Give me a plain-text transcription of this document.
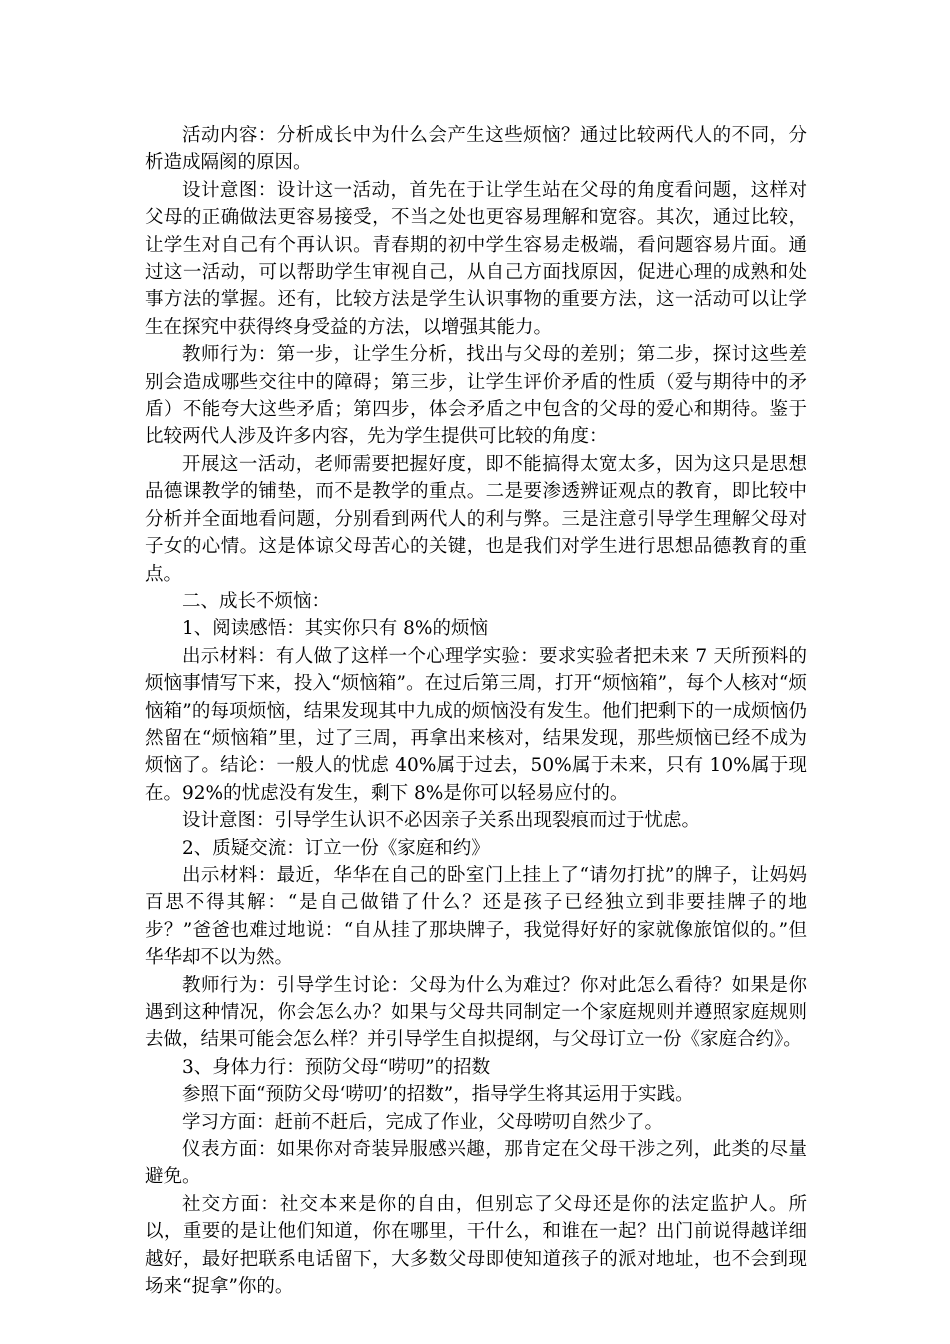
活动内容：分析成长中为什么会产生这些烦恼？通过比较两代人的不同，分析造成隔阂的原因。

设计意图：设计这一活动，首先在于让学生站在父母的角度看问题，这样对父母的正确做法更容易接受，不当之处也更容易理解和宽容。其次，通过比较，让学生对自己有个再认识。青春期的初中学生容易走极端，看问题容易片面。通过这一活动，可以帮助学生审视自己，从自己方面找原因，促进心理的成熟和处事方法的掌握。还有，比较方法是学生认识事物的重要方法，这一活动可以让学生在探究中获得终身受益的方法，以增强其能力。

教师行为：第一步，让学生分析，找出与父母的差别；第二步，探讨这些差别会造成哪些交往中的障碍；第三步，让学生评价矛盾的性质（爱与期待中的矛盾）不能夸大这些矛盾；第四步，体会矛盾之中包含的父母的爱心和期待。鉴于比较两代人涉及许多内容，先为学生提供可比较的角度：

开展这一活动，老师需要把握好度，即不能搞得太宽太多，因为这只是思想品德课教学的铺垫，而不是教学的重点。二是要渗透辨证观点的教育，即比较中分析并全面地看问题，分别看到两代人的利与弊。三是注意引导学生理解父母对子女的心情。这是体谅父母苦心的关键，也是我们对学生进行思想品德教育的重点。

二、成长不烦恼：

1、阅读感悟：其实你只有 8%的烦恼

出示材料：有人做了这样一个心理学实验：要求实验者把未来 7 天所预料的烦恼事情写下来，投入“烦恼箱”。在过后第三周，打开“烦恼箱”，每个人核对“烦恼箱”的每项烦恼，结果发现其中九成的烦恼没有发生。他们把剩下的一成烦恼仍然留在“烦恼箱”里，过了三周，再拿出来核对，结果发现，那些烦恼已经不成为烦恼了。结论：一般人的忧虑 40%属于过去，50%属于未来，只有 10%属于现在。92%的忧虑没有发生，剩下 8%是你可以轻易应付的。

设计意图：引导学生认识不必因亲子关系出现裂痕而过于忧虑。

2、质疑交流：订立一份《家庭和约》

出示材料：最近，华华在自己的卧室门上挂上了“请勿打扰”的牌子，让妈妈百思不得其解：“是自己做错了什么？还是孩子已经独立到非要挂牌子的地步？”爸爸也难过地说：“自从挂了那块牌子，我觉得好好的家就像旅馆似的。”但华华却不以为然。

教师行为：引导学生讨论：父母为什么为难过？你对此怎么看待？如果是你遇到这种情况，你会怎么办？如果与父母共同制定一个家庭规则并遵照家庭规则去做，结果可能会怎么样？并引导学生自拟提纲，与父母订立一份《家庭合约》。

3、身体力行：预防父母“唠叨”的招数

参照下面“预防父母‘唠叨’的招数”，指导学生将其运用于实践。

学习方面：赶前不赶后，完成了作业，父母唠叨自然少了。

仪表方面：如果你对奇装异服感兴趣，那肯定在父母干涉之列，此类的尽量避免。

社交方面：社交本来是你的自由，但别忘了父母还是你的法定监护人。所以，重要的是让他们知道，你在哪里，干什么，和谁在一起？出门前说得越详细越好，最好把联系电话留下，大多数父母即使知道孩子的派对地址，也不会到现场来“捉拿”你的。
